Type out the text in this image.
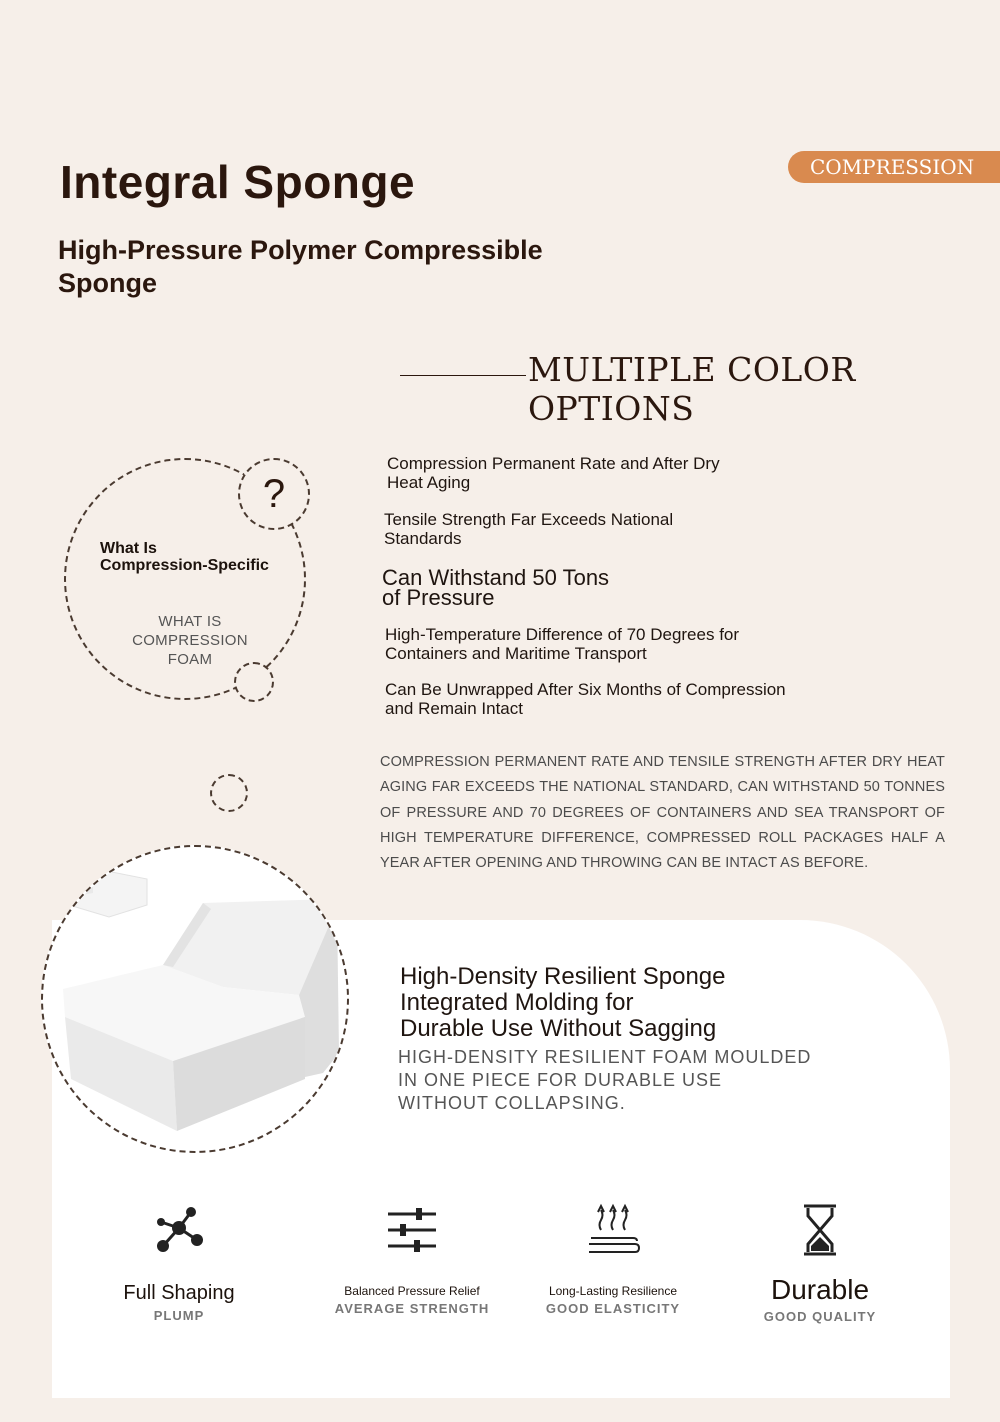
Integral Sponge
High-Pressure Polymer Compressible Sponge
COMPRESSION
MULTIPLE COLOR OPTIONS
?
What Is
Compression-Specific
WHAT IS
COMPRESSION
FOAM
Compression Permanent Rate and After Dry
Heat Aging
Tensile Strength Far Exceeds National
Standards
Can Withstand 50 Tons
of Pressure
High-Temperature Difference of 70 Degrees for
Containers and Maritime Transport
Can Be Unwrapped After Six Months of Compression
and Remain Intact
COMPRESSION PERMANENT RATE AND TENSILE STRENGTH AFTER DRY HEAT AGING FAR EXCEEDS THE NATIONAL STANDARD, CAN WITHSTAND 50 TONNES OF PRESSURE AND 70 DEGREES OF CONTAINERS AND SEA TRANSPORT OF HIGH TEMPERATURE DIFFERENCE, COMPRESSED ROLL PACKAGES HALF A YEAR AFTER OPENING AND THROWING CAN BE INTACT AS BEFORE.
High-Density Resilient Sponge
Integrated Molding for
Durable Use Without Sagging
HIGH-DENSITY RESILIENT FOAM MOULDED
IN ONE PIECE FOR DURABLE USE
WITHOUT COLLAPSING.
Full Shaping
PLUMP
Balanced Pressure Relief
AVERAGE STRENGTH
Long-Lasting Resilience
GOOD ELASTICITY
Durable
GOOD QUALITY
